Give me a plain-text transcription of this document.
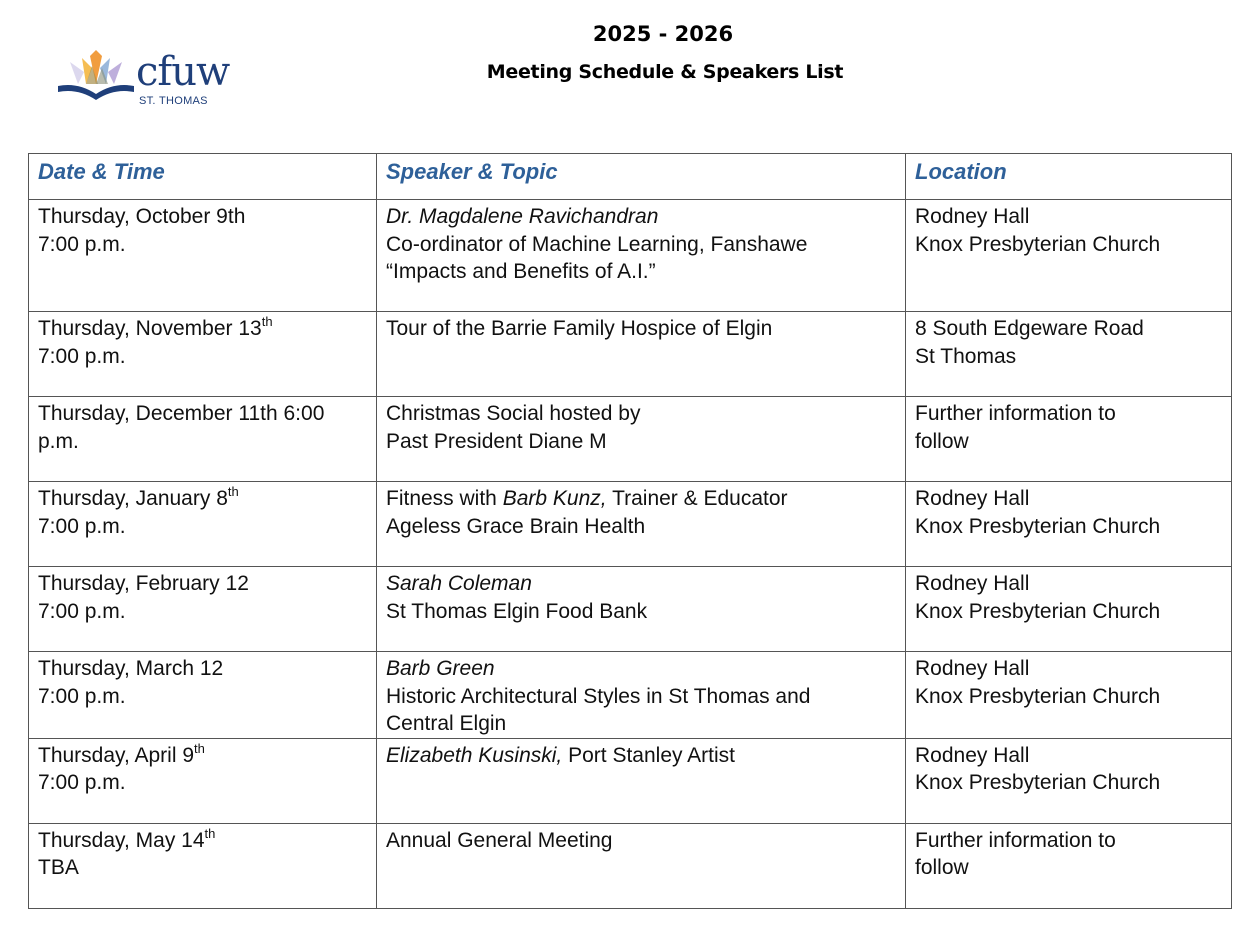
cfuw
ST. THOMAS
2025 - 2026
Meeting Schedule & Speakers List
Date & Time	Speaker & Topic	Location

Thursday, October 9th
7:00 p.m.	Dr. Magdalene Ravichandran
Co-ordinator of Machine Learning, Fanshawe
“Impacts and Benefits of A.I.”	Rodney Hall
Knox Presbyterian Church

Thursday, November 13th
7:00 p.m.	Tour of the Barrie Family Hospice of Elgin	8 South Edgeware Road
St Thomas

Thursday, December 11th 6:00
p.m.	Christmas Social hosted by
Past President Diane M	Further information to
follow

Thursday, January 8th
7:00 p.m.	Fitness with Barb Kunz, Trainer & Educator
Ageless Grace Brain Health	Rodney Hall
Knox Presbyterian Church

Thursday, February 12
7:00 p.m.	Sarah Coleman
St Thomas Elgin Food Bank	Rodney Hall
Knox Presbyterian Church

Thursday, March 12
7:00 p.m.	Barb Green
Historic Architectural Styles in St Thomas and
Central Elgin	Rodney Hall
Knox Presbyterian Church

Thursday, April 9th
7:00 p.m.	Elizabeth Kusinski, Port Stanley Artist	Rodney Hall
Knox Presbyterian Church

Thursday, May 14th
TBA	Annual General Meeting	Further information to
follow
